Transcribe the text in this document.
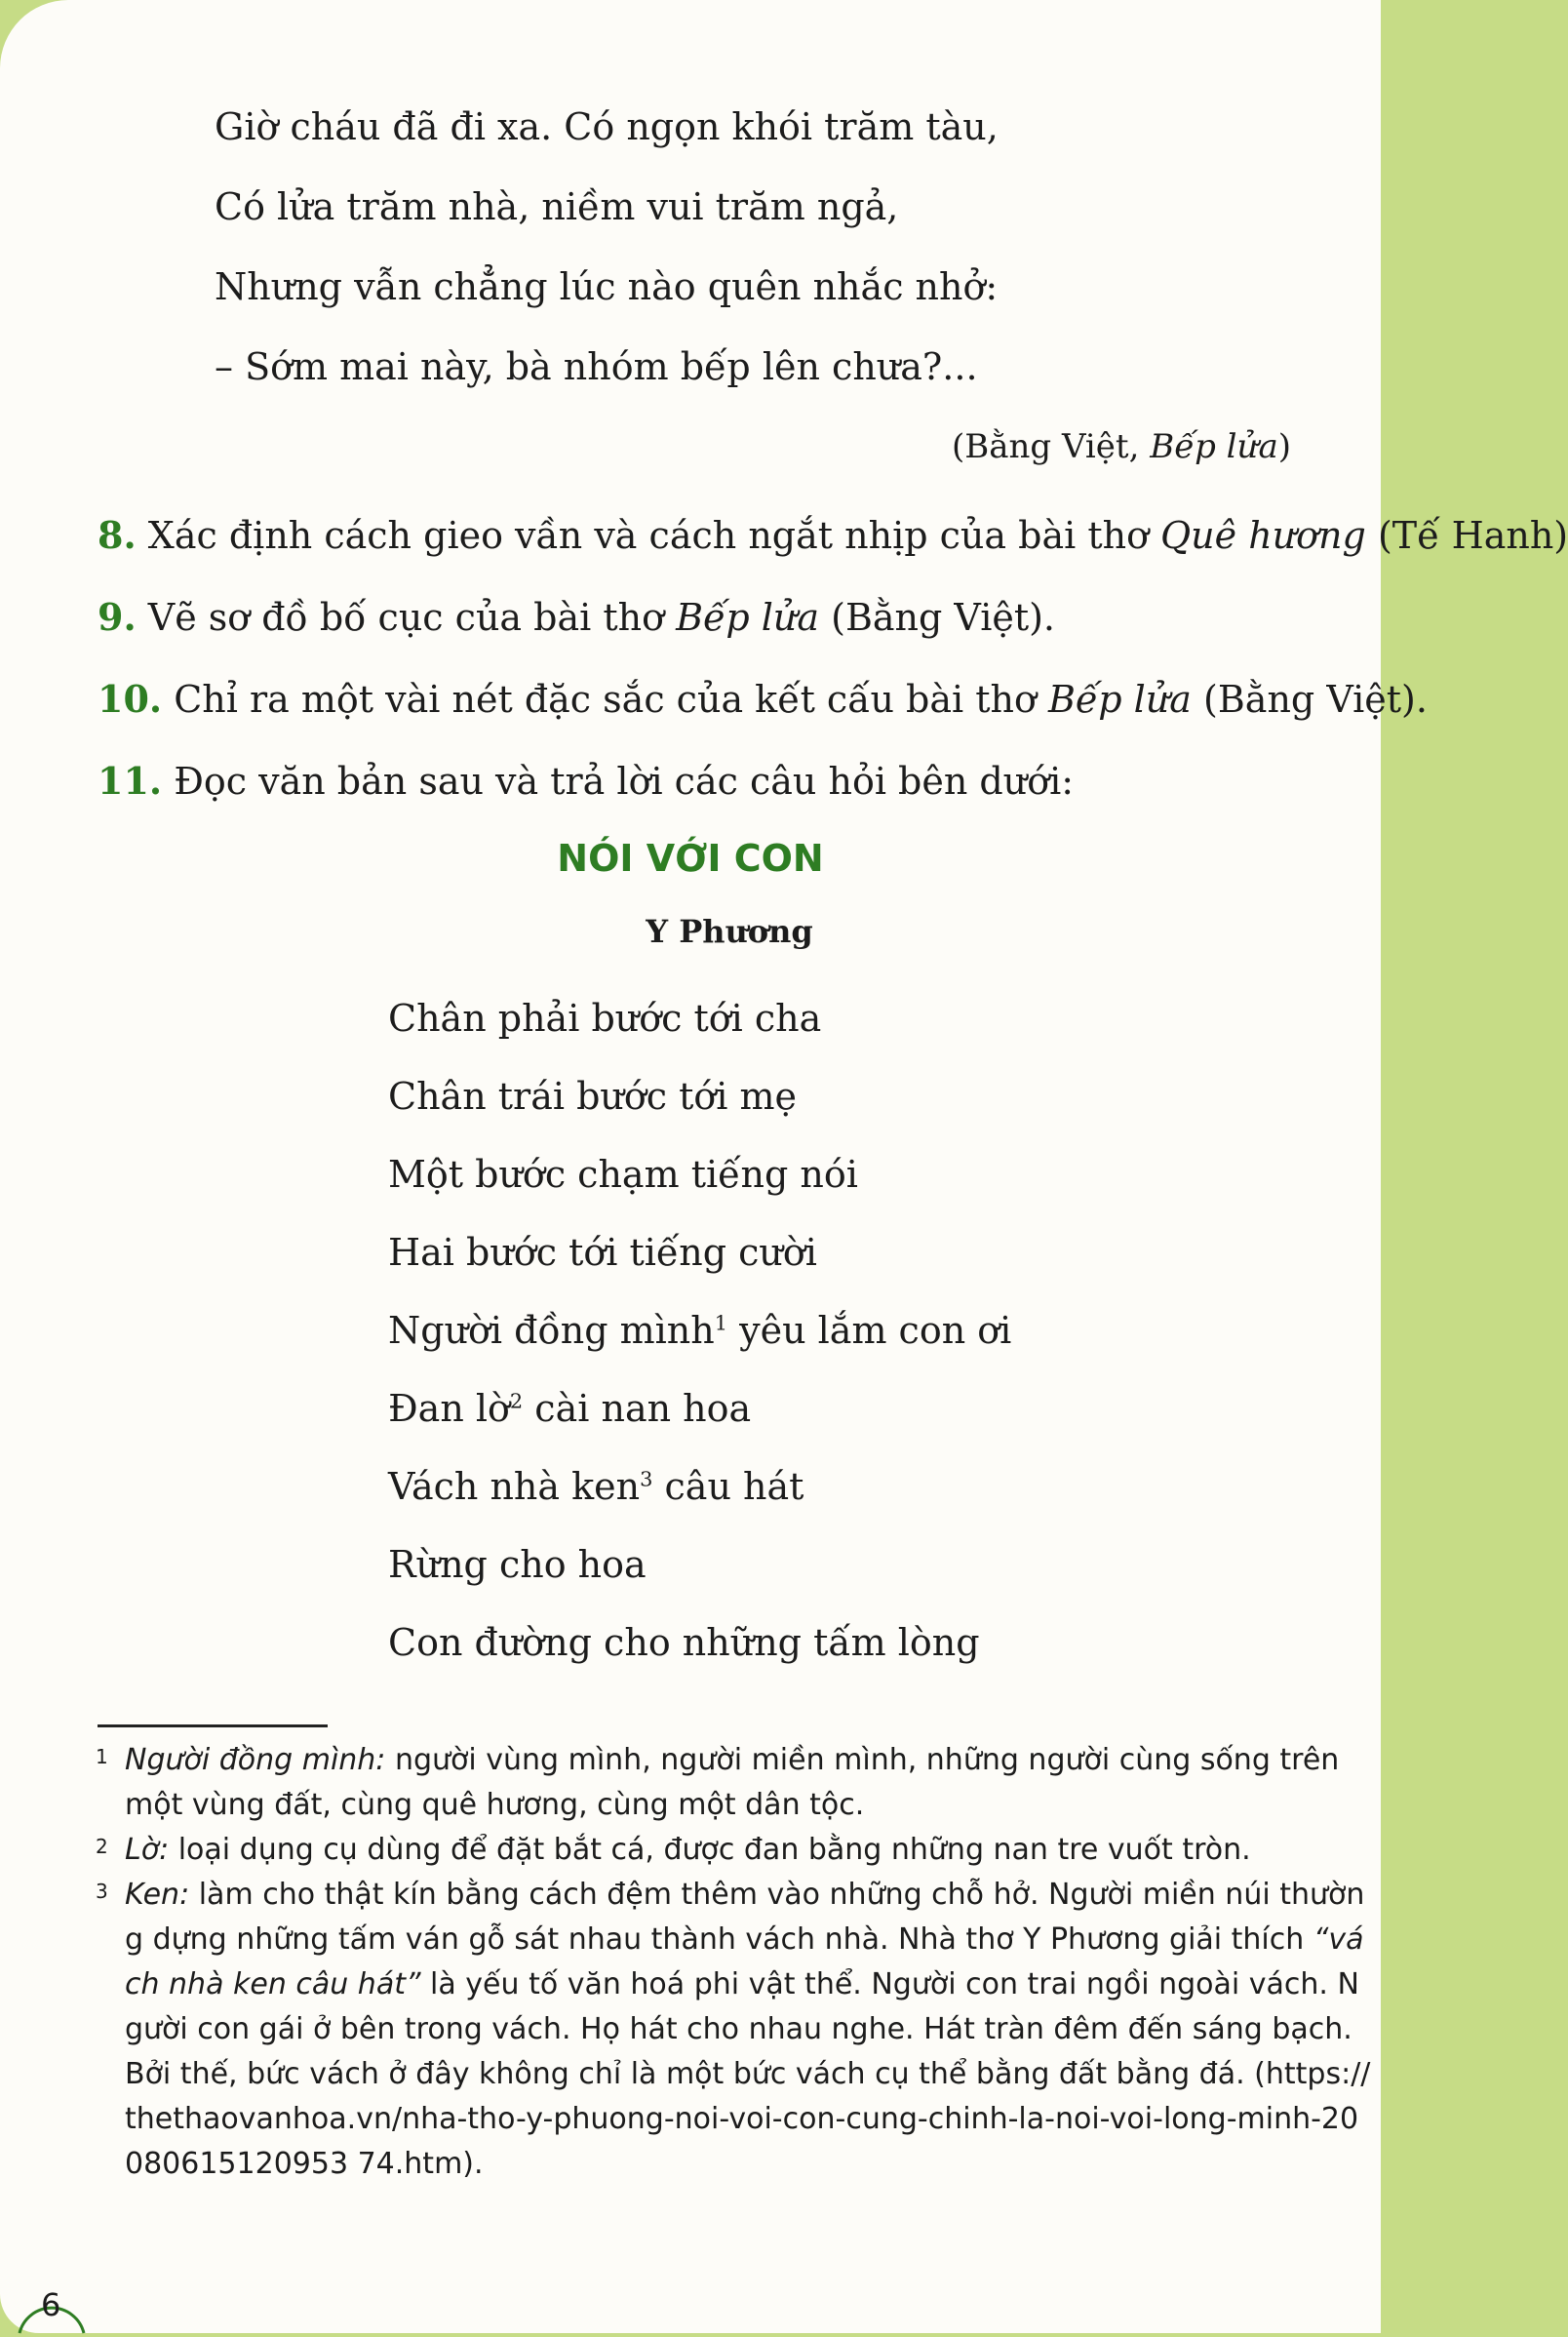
Giờ cháu đã đi xa. Có ngọn khói trăm tàu,
Có lửa trăm nhà, niềm vui trăm ngả,
Nhưng vẫn chẳng lúc nào quên nhắc nhở:
– Sớm mai này, bà nhóm bếp lên chưa?...
(Bằng Việt, Bếp lửa)
8. Xác định cách gieo vần và cách ngắt nhịp của bài thơ Quê hương (Tế Hanh)
9. Vẽ sơ đồ bố cục của bài thơ Bếp lửa (Bằng Việt).
10. Chỉ ra một vài nét đặc sắc của kết cấu bài thơ Bếp lửa (Bằng Việt).
11. Đọc văn bản sau và trả lời các câu hỏi bên dưới:
NÓI VỚI CON
Y Phương
Chân phải bước tới cha
Chân trái bước tới mẹ
Một bước chạm tiếng nói
Hai bước tới tiếng cười
Người đồng mình$^1$ yêu lắm con ơi
Đan lờ$^2$ cài nan hoa
Vách nhà ken$^3$ câu hát
Rừng cho hoa
Con đường cho những tấm lòng
1 Người đồng mình: người vùng mình, người miền mình, những người cùng sống trên một vùng đất, cùng quê hương, cùng một dân tộc.
2 Lờ: loại dụng cụ dùng để đặt bắt cá, được đan bằng những nan tre vuốt tròn.
3 Ken: làm cho thật kín bằng cách đệm thêm vào những chỗ hở. Người miền núi thường dựng những tấm ván gỗ sát nhau thành vách nhà. Nhà thơ Y Phương giải thích “vách nhà ken câu hát” là yếu tố văn hoá phi vật thể. Người con trai ngồi ngoài vách. Người con gái ở bên trong vách. Họ hát cho nhau nghe. Hát tràn đêm đến sáng bạch. Bởi thế, bức vách ở đây không chỉ là một bức vách cụ thể bằng đất bằng đá. (https://thethaovanhoa.vn/nha-tho-y-phuong-noi-voi-con-cung-chinh-la-noi-voi-long-minh-20080615120953 74.htm).
6
